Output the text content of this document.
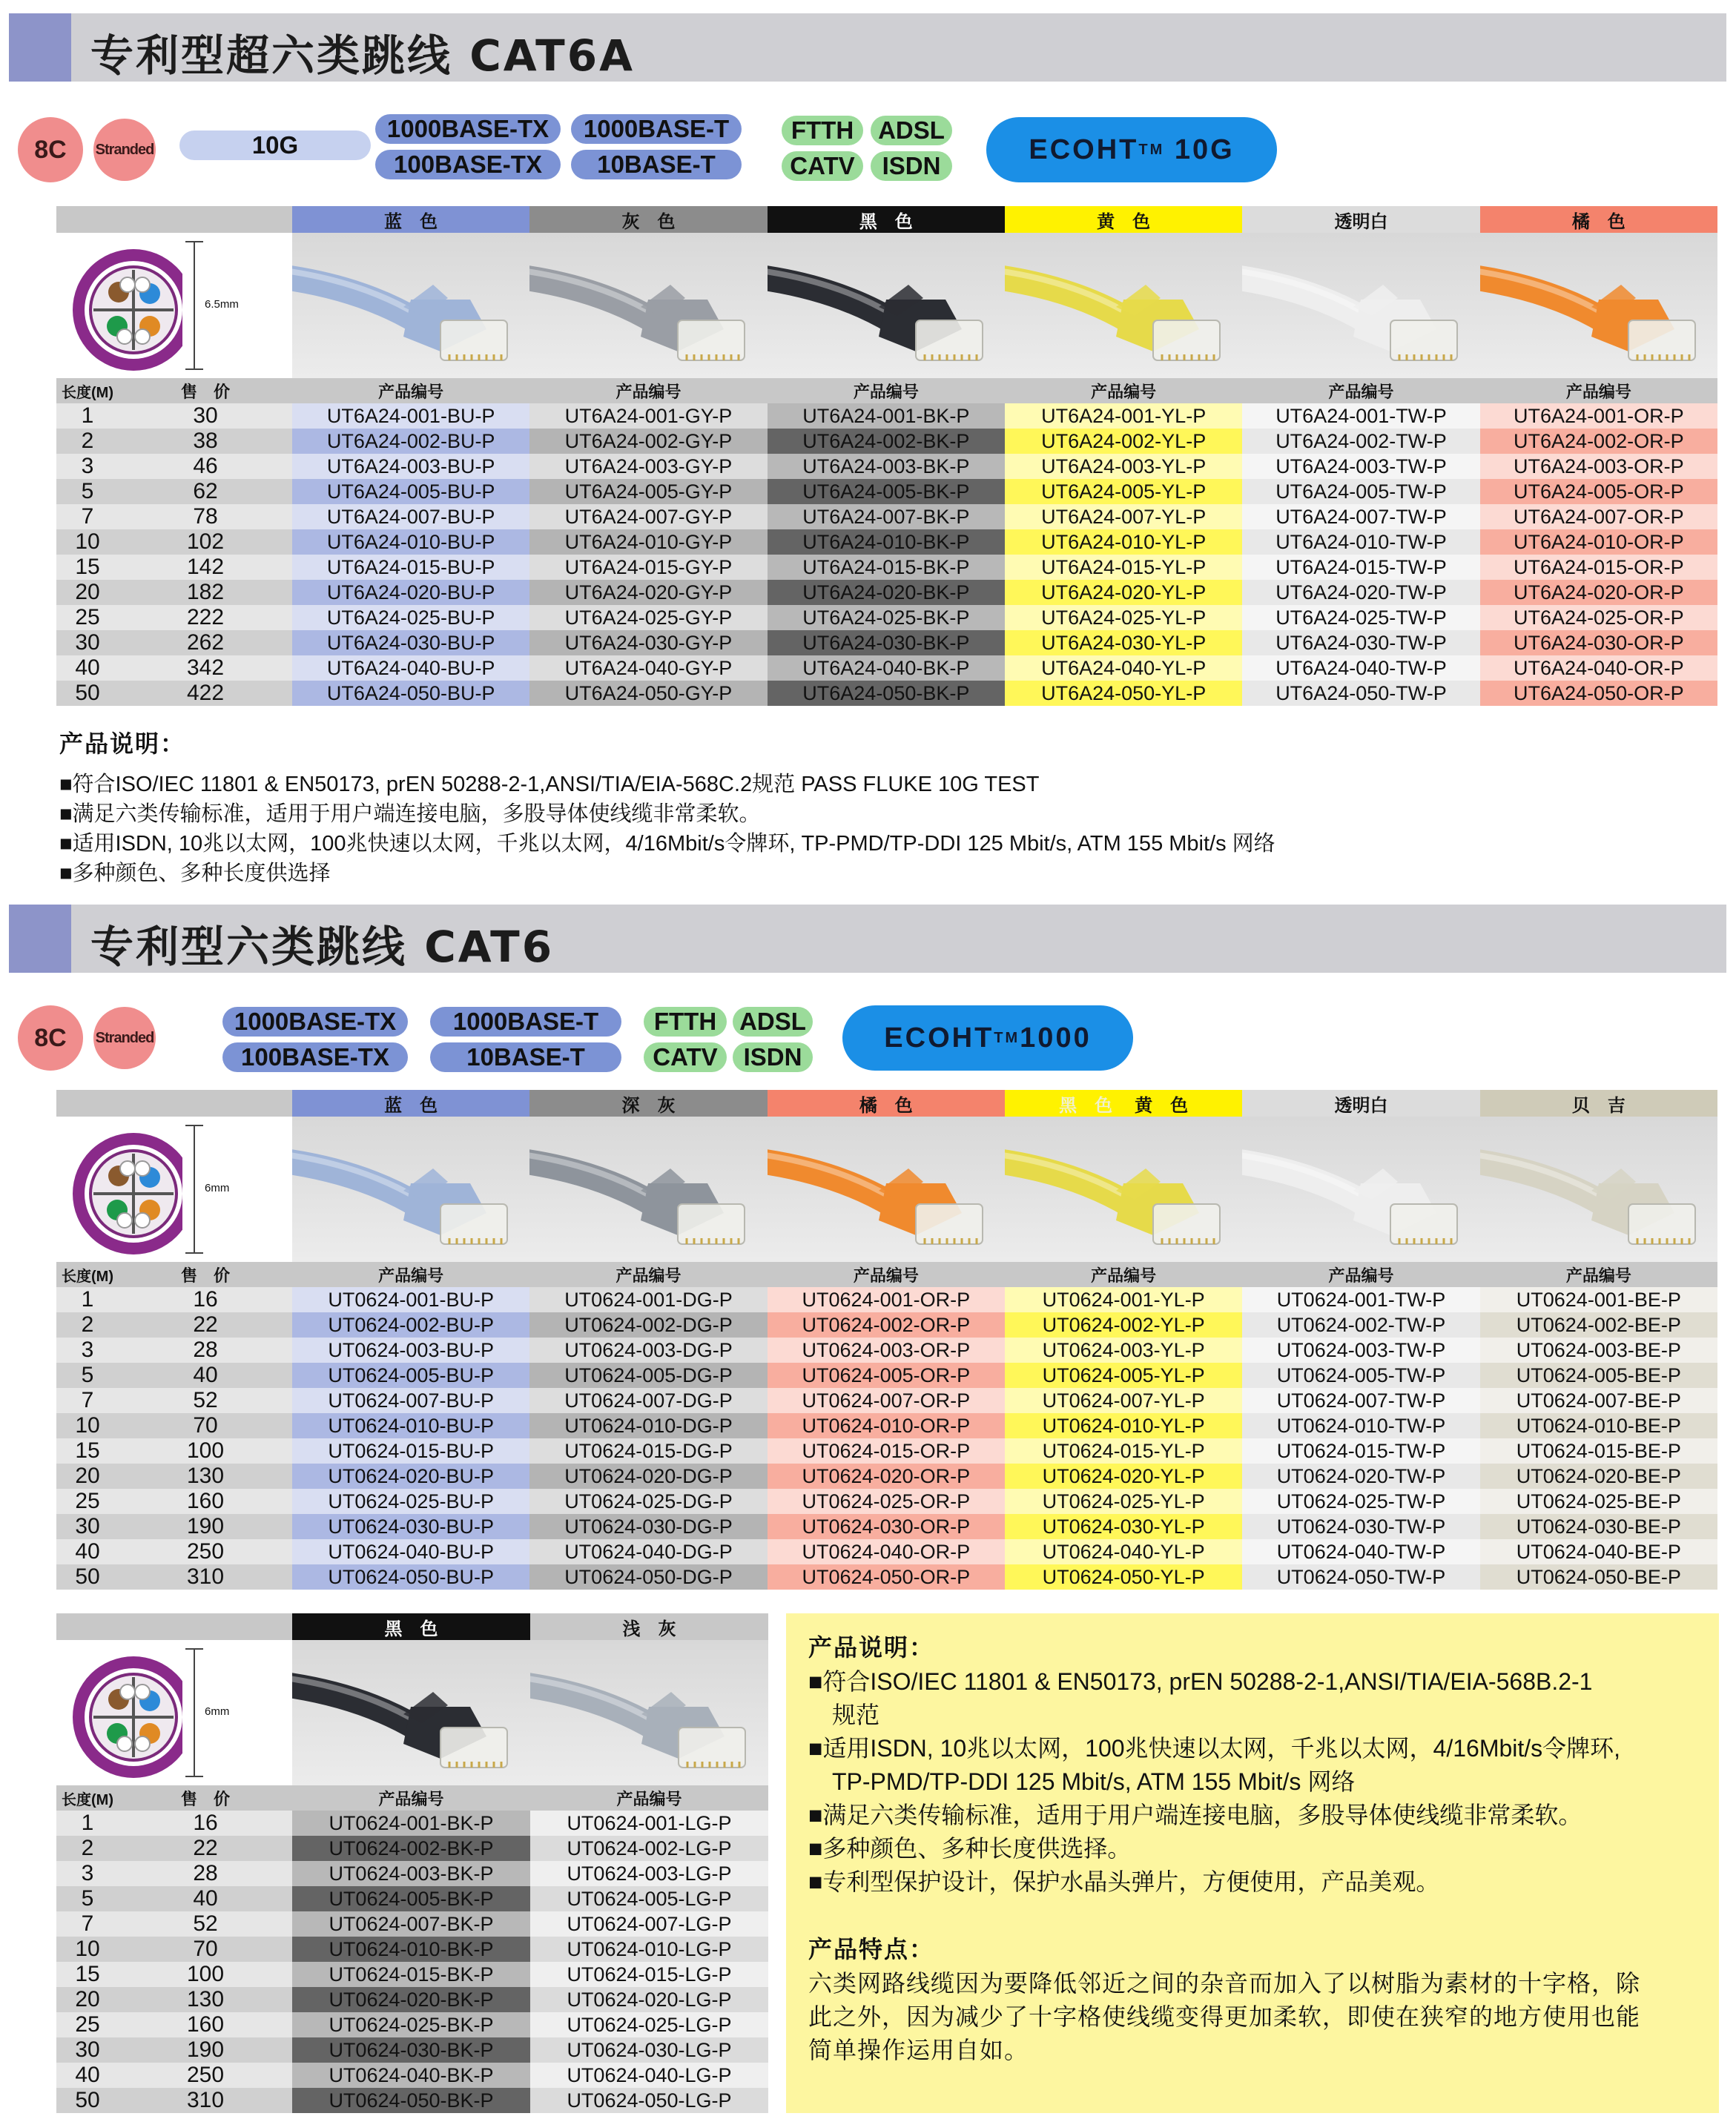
专利型超六类跳线 CAT6A
8C	Stranded	10G
1000BASE-TX	1000BASE-T
100BASE-TX	10BASE-T
FTTH ADSL
CATV	ISDN
ECOHT TM
10G
		蓝　色	灰　色	黑　色	黄　色	透明白	橘　色

6.5mm

长度(M)	售　价	产品编号	产品编号	产品编号	产品编号	产品编号	产品编号
1	30	UT6A24-001-BU-P	UT6A24-001-GY-P	UT6A24-001-BK-P	UT6A24-001-YL-P	UT6A24-001-TW-P	UT6A24-001-OR-P
2	38	UT6A24-002-BU-P	UT6A24-002-GY-P	UT6A24-002-BK-P	UT6A24-002-YL-P	UT6A24-002-TW-P	UT6A24-002-OR-P
3	46	UT6A24-003-BU-P	UT6A24-003-GY-P	UT6A24-003-BK-P	UT6A24-003-YL-P	UT6A24-003-TW-P	UT6A24-003-OR-P
5	62	UT6A24-005-BU-P	UT6A24-005-GY-P	UT6A24-005-BK-P	UT6A24-005-YL-P	UT6A24-005-TW-P	UT6A24-005-OR-P
7	78	UT6A24-007-BU-P	UT6A24-007-GY-P	UT6A24-007-BK-P	UT6A24-007-YL-P	UT6A24-007-TW-P	UT6A24-007-OR-P
10	102	UT6A24-010-BU-P	UT6A24-010-GY-P	UT6A24-010-BK-P	UT6A24-010-YL-P	UT6A24-010-TW-P	UT6A24-010-OR-P
15	142	UT6A24-015-BU-P	UT6A24-015-GY-P	UT6A24-015-BK-P	UT6A24-015-YL-P	UT6A24-015-TW-P	UT6A24-015-OR-P
20	182	UT6A24-020-BU-P	UT6A24-020-GY-P	UT6A24-020-BK-P	UT6A24-020-YL-P	UT6A24-020-TW-P	UT6A24-020-OR-P
25	222	UT6A24-025-BU-P	UT6A24-025-GY-P	UT6A24-025-BK-P	UT6A24-025-YL-P	UT6A24-025-TW-P	UT6A24-025-OR-P
30	262	UT6A24-030-BU-P	UT6A24-030-GY-P	UT6A24-030-BK-P	UT6A24-030-YL-P	UT6A24-030-TW-P	UT6A24-030-OR-P
40	342	UT6A24-040-BU-P	UT6A24-040-GY-P	UT6A24-040-BK-P	UT6A24-040-YL-P	UT6A24-040-TW-P	UT6A24-040-OR-P
50	422	UT6A24-050-BU-P	UT6A24-050-GY-P	UT6A24-050-BK-P	UT6A24-050-YL-P	UT6A24-050-TW-P	UT6A24-050-OR-P
产品说明：
■符合ISO/IEC 11801 & EN50173, prEN 50288-2-1,ANSI/TIA/EIA-568C.2规范 PASS FLUKE 10G TEST
■满足六类传输标准，适用于用户端连接电脑，多股导体使线缆非常柔软。
■适用ISDN, 10兆以太网，100兆快速以太网，千兆以太网，4/16Mbit/s令牌环, TP-PMD/TP-DDI 125 Mbit/s, ATM 155 Mbit/s 网络
■多种颜色、多种长度供选择
专利型六类跳线 CAT6
8C	Stranded
1000BASE-TX	1000BASE-T
100BASE-TX	10BASE-T
FTTH ADSL
CATV	ISDN
ECOHT TM 1000
		蓝　色	深　灰	橘　色	黑　色 黄　色	透明白	贝　吉

6mm

长度(M)	售　价	产品编号	产品编号	产品编号	产品编号	产品编号	产品编号
1	16	UT0624-001-BU-P	UT0624-001-DG-P	UT0624-001-OR-P	UT0624-001-YL-P	UT0624-001-TW-P	UT0624-001-BE-P
2	22	UT0624-002-BU-P	UT0624-002-DG-P	UT0624-002-OR-P	UT0624-002-YL-P	UT0624-002-TW-P	UT0624-002-BE-P
3	28	UT0624-003-BU-P	UT0624-003-DG-P	UT0624-003-OR-P	UT0624-003-YL-P	UT0624-003-TW-P	UT0624-003-BE-P
5	40	UT0624-005-BU-P	UT0624-005-DG-P	UT0624-005-OR-P	UT0624-005-YL-P	UT0624-005-TW-P	UT0624-005-BE-P
7	52	UT0624-007-BU-P	UT0624-007-DG-P	UT0624-007-OR-P	UT0624-007-YL-P	UT0624-007-TW-P	UT0624-007-BE-P
10	70	UT0624-010-BU-P	UT0624-010-DG-P	UT0624-010-OR-P	UT0624-010-YL-P	UT0624-010-TW-P	UT0624-010-BE-P
15	100	UT0624-015-BU-P	UT0624-015-DG-P	UT0624-015-OR-P	UT0624-015-YL-P	UT0624-015-TW-P	UT0624-015-BE-P
20	130	UT0624-020-BU-P	UT0624-020-DG-P	UT0624-020-OR-P	UT0624-020-YL-P	UT0624-020-TW-P	UT0624-020-BE-P
25	160	UT0624-025-BU-P	UT0624-025-DG-P	UT0624-025-OR-P	UT0624-025-YL-P	UT0624-025-TW-P	UT0624-025-BE-P
30	190	UT0624-030-BU-P	UT0624-030-DG-P	UT0624-030-OR-P	UT0624-030-YL-P	UT0624-030-TW-P	UT0624-030-BE-P
40	250	UT0624-040-BU-P	UT0624-040-DG-P	UT0624-040-OR-P	UT0624-040-YL-P	UT0624-040-TW-P	UT0624-040-BE-P
50	310	UT0624-050-BU-P	UT0624-050-DG-P	UT0624-050-OR-P	UT0624-050-YL-P	UT0624-050-TW-P	UT0624-050-BE-P
		黑　色	浅　灰

6mm

长度(M)	售　价	产品编号	产品编号
1	16	UT0624-001-BK-P	UT0624-001-LG-P
2	22	UT0624-002-BK-P	UT0624-002-LG-P
3	28	UT0624-003-BK-P	UT0624-003-LG-P
5	40	UT0624-005-BK-P	UT0624-005-LG-P
7	52	UT0624-007-BK-P	UT0624-007-LG-P
10	70	UT0624-010-BK-P	UT0624-010-LG-P
15	100	UT0624-015-BK-P	UT0624-015-LG-P
20	130	UT0624-020-BK-P	UT0624-020-LG-P
25	160	UT0624-025-BK-P	UT0624-025-LG-P
30	190	UT0624-030-BK-P	UT0624-030-LG-P
40	250	UT0624-040-BK-P	UT0624-040-LG-P
50	310	UT0624-050-BK-P	UT0624-050-LG-P
产品说明：
■符合ISO/IEC 11801 & EN50173, prEN 50288-2-1,ANSI/TIA/EIA-568B.2-1
　规范
■适用ISDN, 10兆以太网，100兆快速以太网，千兆以太网，4/16Mbit/s令牌环,
　TP-PMD/TP-DDI 125 Mbit/s, ATM 155 Mbit/s 网络
■满足六类传输标准，适用于用户端连接电脑，多股导体使线缆非常柔软。
■多种颜色、多种长度供选择。
■专利型保护设计，保护水晶头弹片，方便使用，产品美观。
产品特点：
六类网路线缆因为要降低邻近之间的杂音而加入了以树脂为素材的十字格，除
此之外，因为减少了十字格使线缆变得更加柔软，即使在狭窄的地方使用也能
简单操作运用自如。
